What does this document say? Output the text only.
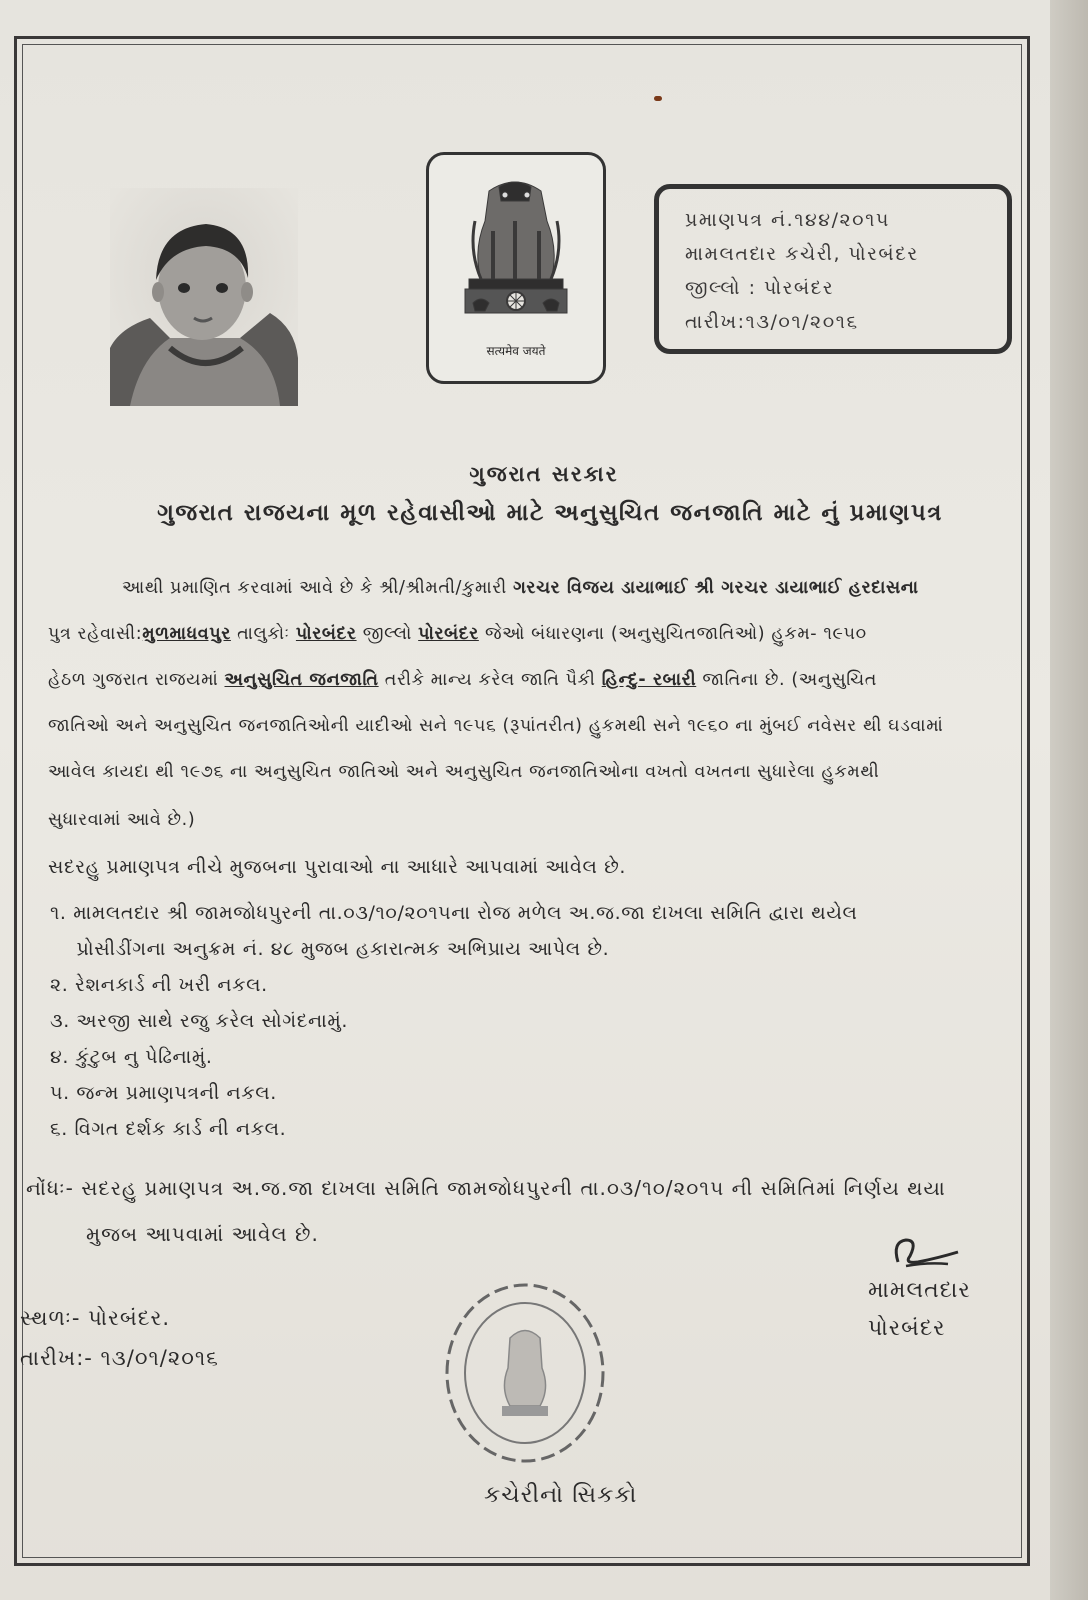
सत्यमेव जयते
પ્રમાણપત્ર નં.૧૪૪/૨૦૧૫
મામલતદાર કચેરી, પોરબંદર
જીલ્લો : પોરબંદર
તારીખ:૧૩/૦૧/૨૦૧૬
ગુજરાત સરકાર
ગુજરાત રાજયના મૂળ રહેવાસીઓ માટે અનુસુચિત જનજાતિ માટે નું પ્રમાણપત્ર
આથી પ્રમાણિત કરવામાં આવે છે કે શ્રી/શ્રીમતી/કુમારી ગરચર વિજય ડાયાભાઈ શ્રી ગરચર ડાયાભાઈ હરદાસના
પુત્ર રહેવાસી:મુળમાધવપુર તાલુકોઃ પોરબંદર જીલ્લો પોરબંદર જેઓ બંધારણના (અનુસુચિતજાતિઓ) હુકમ- ૧૯૫૦
હેઠળ ગુજરાત રાજયમાં અનુસુચિત જનજાતિ તરીકે માન્ય કરેલ જાતિ પૈકી હિન્દુ- રબારી જાતિના છે. (અનુસુચિત
જાતિઓ અને અનુસુચિત જનજાતિઓની યાદીઓ સને ૧૯૫૬ (રૂપાંતરીત) હુકમથી સને ૧૯૬૦ ના મુંબઈ નવેસર થી ઘડવામાં
આવેલ કાયદા થી ૧૯૭૬ ના અનુસુચિત જાતિઓ અને અનુસુચિત જનજાતિઓના વખતો વખતના સુધારેલા હુકમથી
સુધારવામાં આવે છે.)
સદરહુ પ્રમાણપત્ર નીચે મુજબના પુરાવાઓ ના આધારે આપવામાં આવેલ છે.
૧. મામલતદાર શ્રી જામજોધપુરની તા.૦૩/૧૦/૨૦૧૫ના રોજ મળેલ અ.જ.જા દાખલા સમિતિ દ્વારા થયેલ
પ્રોસીડીંગના અનુક્રમ નં. ૪૮ મુજબ હકારાત્મક અભિપ્રાય આપેલ છે.
૨. રેશનકાર્ડ ની ખરી નકલ.
૩. અરજી સાથે રજુ કરેલ સોગંદનામું.
૪. કુંટુબ નુ પેઢિનામું.
૫. જન્મ પ્રમાણપત્રની નકલ.
૬. વિગત દર્શક કાર્ડ ની નકલ.
નોંધઃ- સદરહુ પ્રમાણપત્ર અ.જ.જા દાખલા સમિતિ જામજોધપુરની તા.૦૩/૧૦/૨૦૧૫ ની સમિતિમાં નિર્ણય થયા
મુજબ આપવામાં આવેલ છે.
મામલતદાર
પોરબંદર
સ્થળઃ- પોરબંદર.
તારીખ:- ૧૩/૦૧/૨૦૧૬
કચેરીનો સિકકો
